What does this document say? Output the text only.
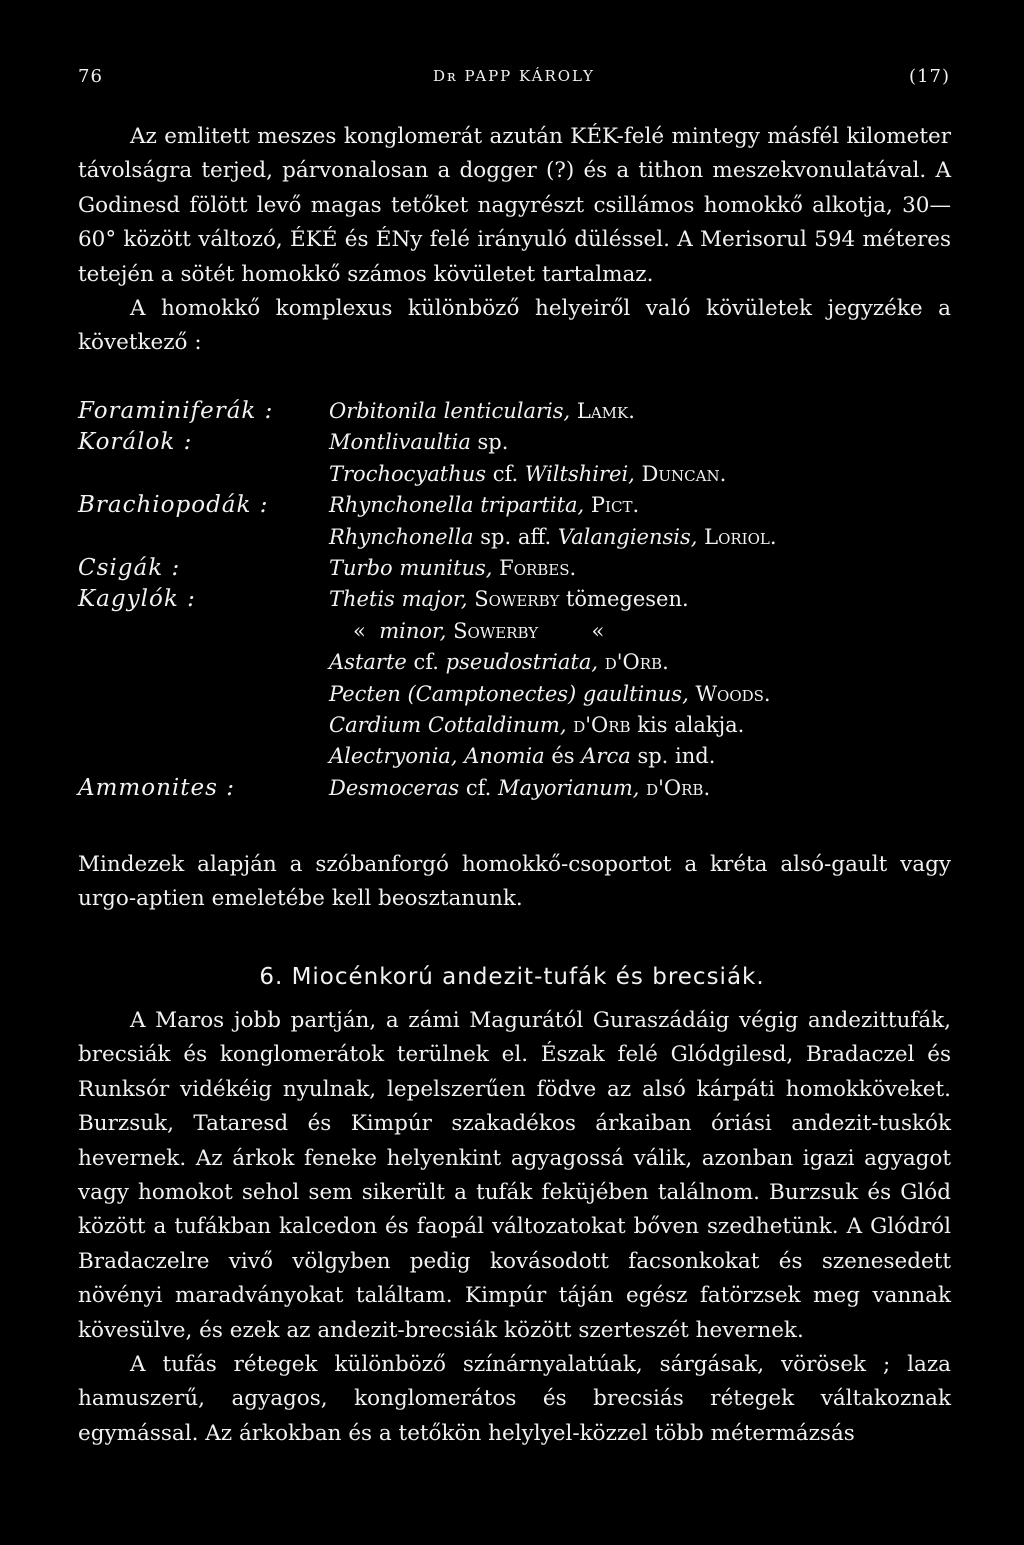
76	Dʀ PAPP KÁROLY	(17)

Az emlitett meszes konglomerát azután KÉK-felé mintegy másfél kilometer távolságra terjed, párvonalosan a dogger (?) és a tithon meszekvonulatával. A Godinesd fölött levő magas tetőket nagyrészt csillámos homokkő alkotja, 30—60° között változó, ÉKÉ és ÉNy felé irányuló düléssel. A Merisorul 594 méteres tetején a sötét homokkő számos kövületet tartalmaz.

A homokkő komplexus különböző helyeiről való kövületek jegyzéke a következő :

Foraminiferák :	Orbitonila lenticularis, Lamk.
Korálok :	Montlivaultia sp.
Trochocyathus cf. Wiltshirei, Duncan.
Brachiopodák :	Rhynchonella tripartita, Pict.
Rhynchonella sp. aff. Valangiensis, Loriol.
Csigák :	Turbo munitus, Forbes.
Kagylók :	Thetis major, Sowerby tömegesen.
« minor, Sowerby	«
Astarte cf. pseudostriata, d'Orb.
Pecten (Camptonectes) gaultinus, Woods.
Cardium Cottaldinum, d'Orb kis alakja.
Alectryonia, Anomia és Arca sp. ind.
Ammonites :	Desmoceras cf. Mayorianum, d'Orb.

Mindezek alapján a szóbanforgó homokkő-csoportot a kréta alsó-gault vagy urgo-aptien emeletébe kell beosztanunk.

6. Miocénkorú andezit-tufák és brecsiák.

A Maros jobb partján, a zámi Magurától Guraszádáig végig andezittufák, brecsiák és konglomerátok terülnek el. Észak felé Glódgilesd, Bradaczel és Runksór vidékéig nyulnak, lepelszerűen födve az alsó kárpáti homokköveket. Burzsuk, Tataresd és Kimpúr szakadékos árkaiban óriási andezit-tuskók hevernek. Az árkok feneke helyenkint agyagossá válik, azonban igazi agyagot vagy homokot sehol sem sikerült a tufák feküjében találnom. Burzsuk és Glód között a tufákban kalcedon és faopál változatokat bőven szedhetünk. A Glódról Bradaczelre vivő völgyben pedig kovásodott facsonkokat és szenesedett növényi maradványokat találtam. Kimpúr táján egész fatörzsek meg vannak kövesülve, és ezek az andezit-brecsiák között szerteszét hevernek.

A tufás rétegek különböző színárnyalatúak, sárgásak, vörösek ; laza hamuszerű, agyagos, konglomerátos és brecsiás rétegek váltakoznak egymással. Az árkokban és a tetőkön helylyel-közzel több métermázsás
